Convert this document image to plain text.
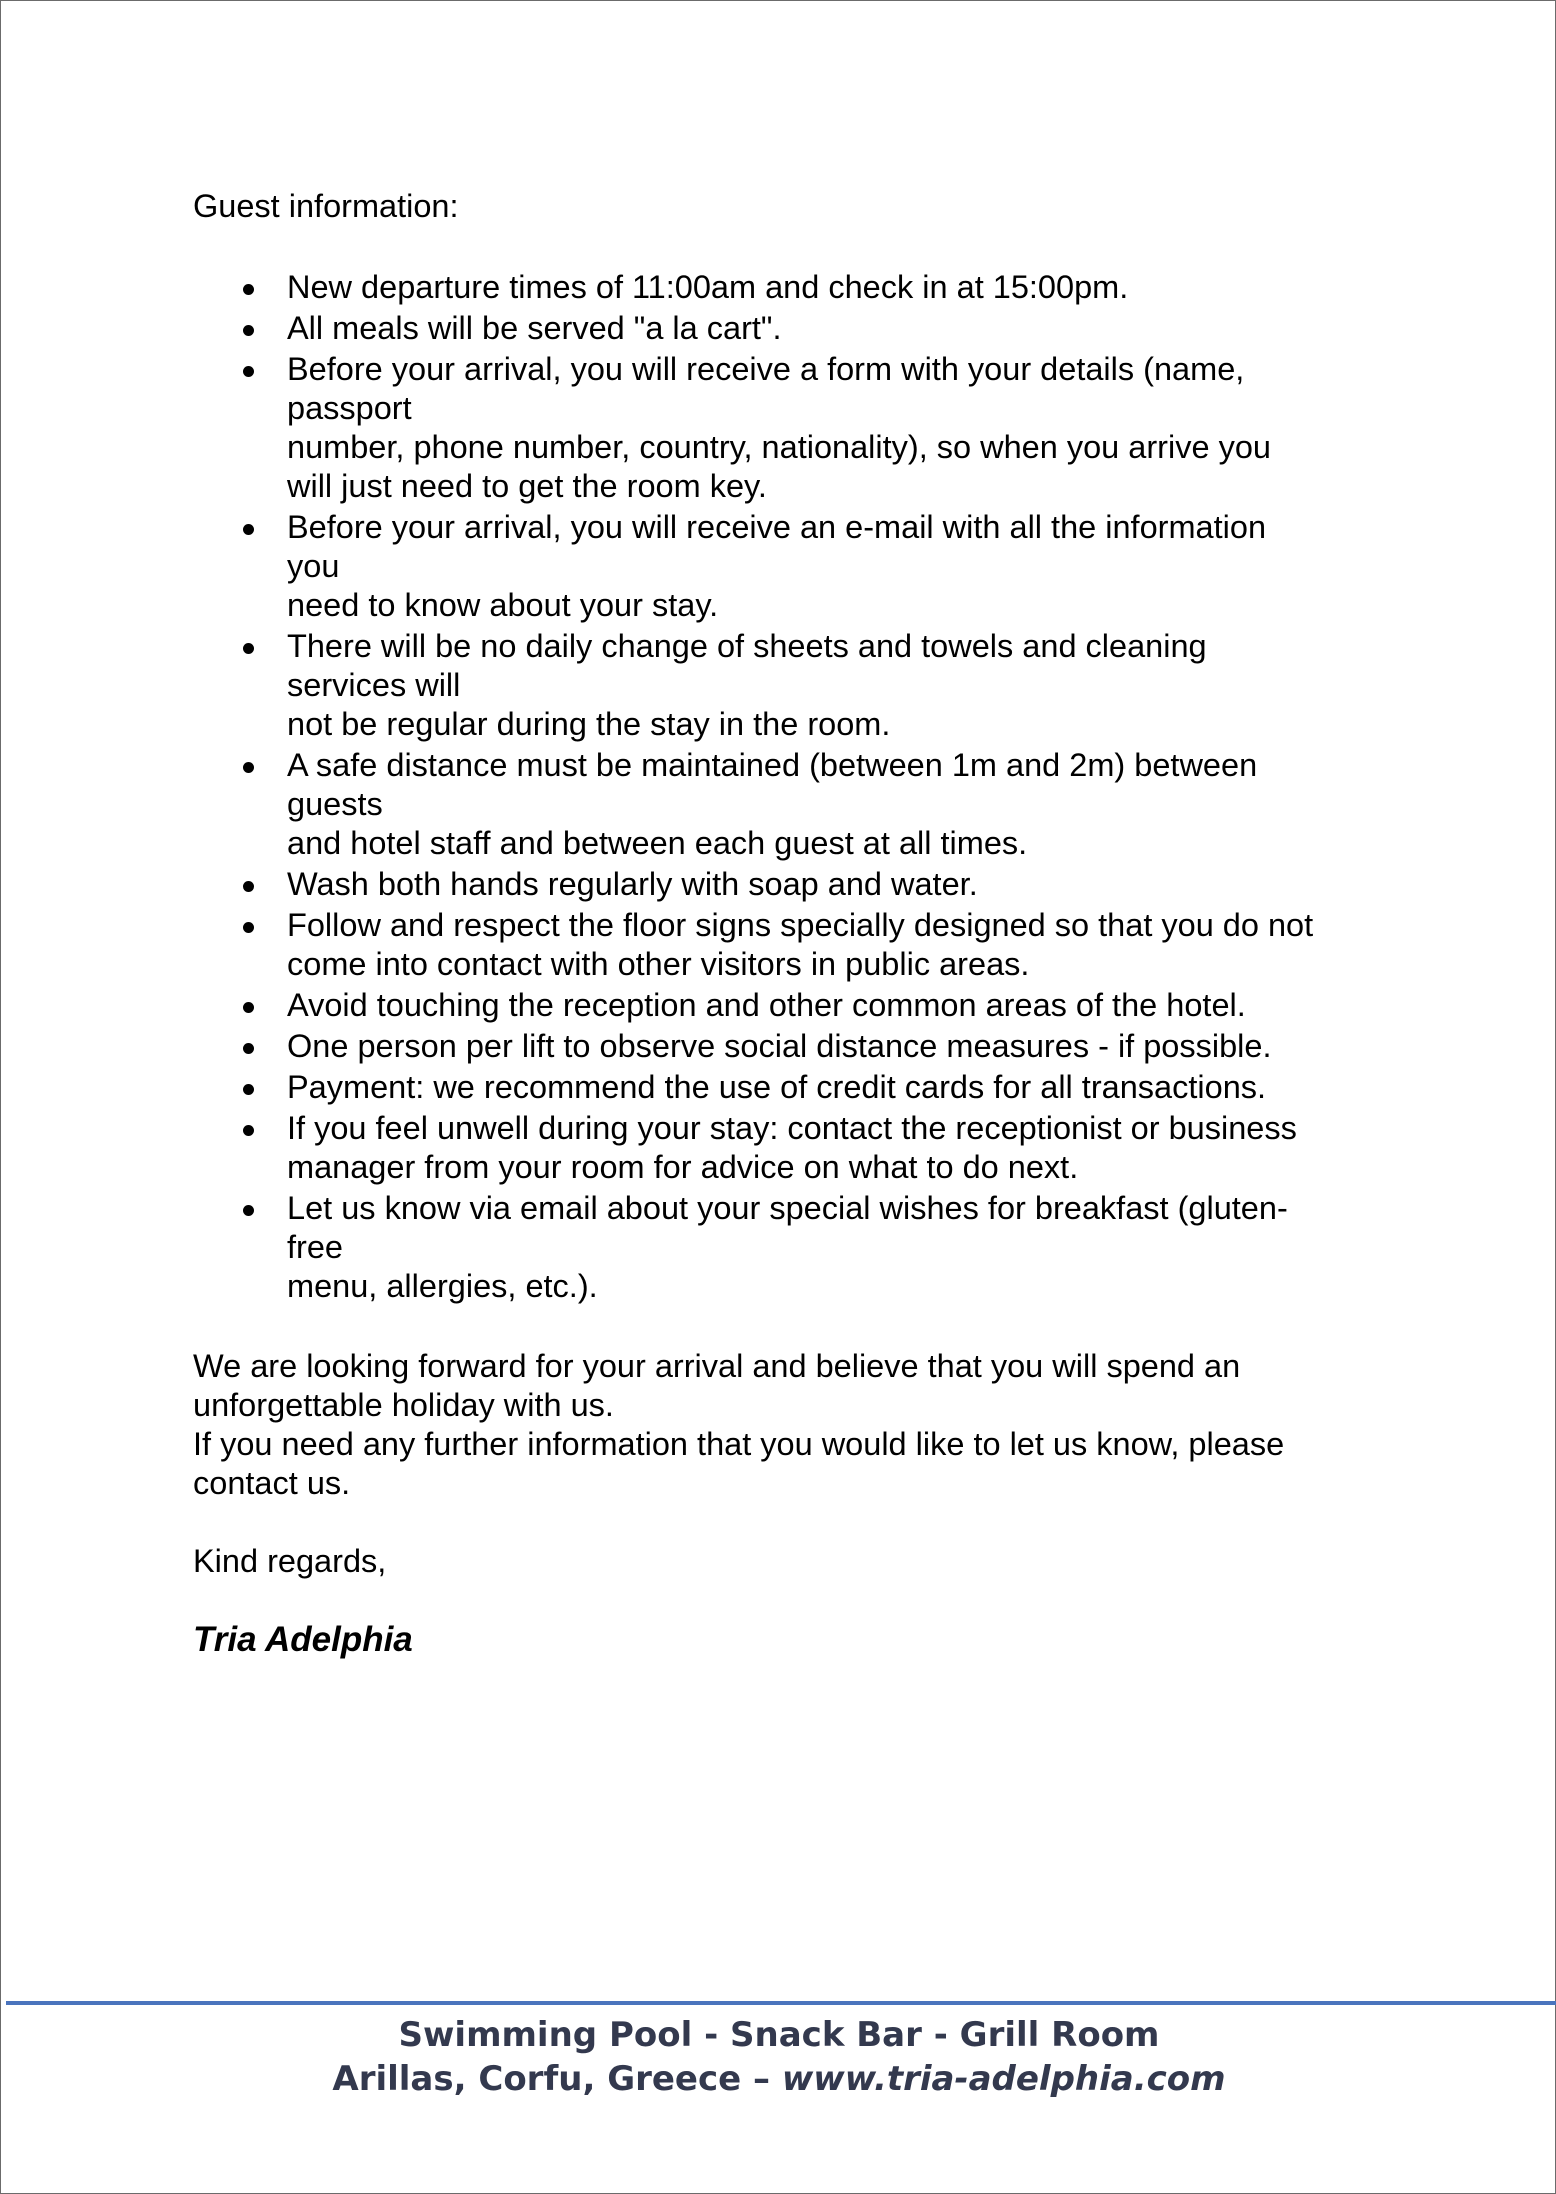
Guest information:

New departure times of 11:00am and check in at 15:00pm.
All meals will be served "a la cart".
Before your arrival, you will receive a form with your details (name,
passport
number, phone number, country, nationality), so when you arrive you
will just need to get the room key.
Before your arrival, you will receive an e-mail with all the information
you
need to know about your stay.
There will be no daily change of sheets and towels and cleaning
services will
not be regular during the stay in the room.
A safe distance must be maintained (between 1m and 2m) between
guests
and hotel staff and between each guest at all times.
Wash both hands regularly with soap and water.
Follow and respect the floor signs specially designed so that you do not
come into contact with other visitors in public areas.
Avoid touching the reception and other common areas of the hotel.
One person per lift to observe social distance measures - if possible.
Payment: we recommend the use of credit cards for all transactions.
If you feel unwell during your stay: contact the receptionist or business
manager from your room for advice on what to do next.
Let us know via email about your special wishes for breakfast (gluten-
free
menu, allergies, etc.).

We are looking forward for your arrival and believe that you will spend an

unforgettable holiday with us.

If you need any further information that you would like to let us know, please

contact us.

Kind regards,

Tria Adelphia
Swimming Pool - Snack Bar - Grill Room
Arillas, Corfu, Greece – www.tria-adelphia.com
